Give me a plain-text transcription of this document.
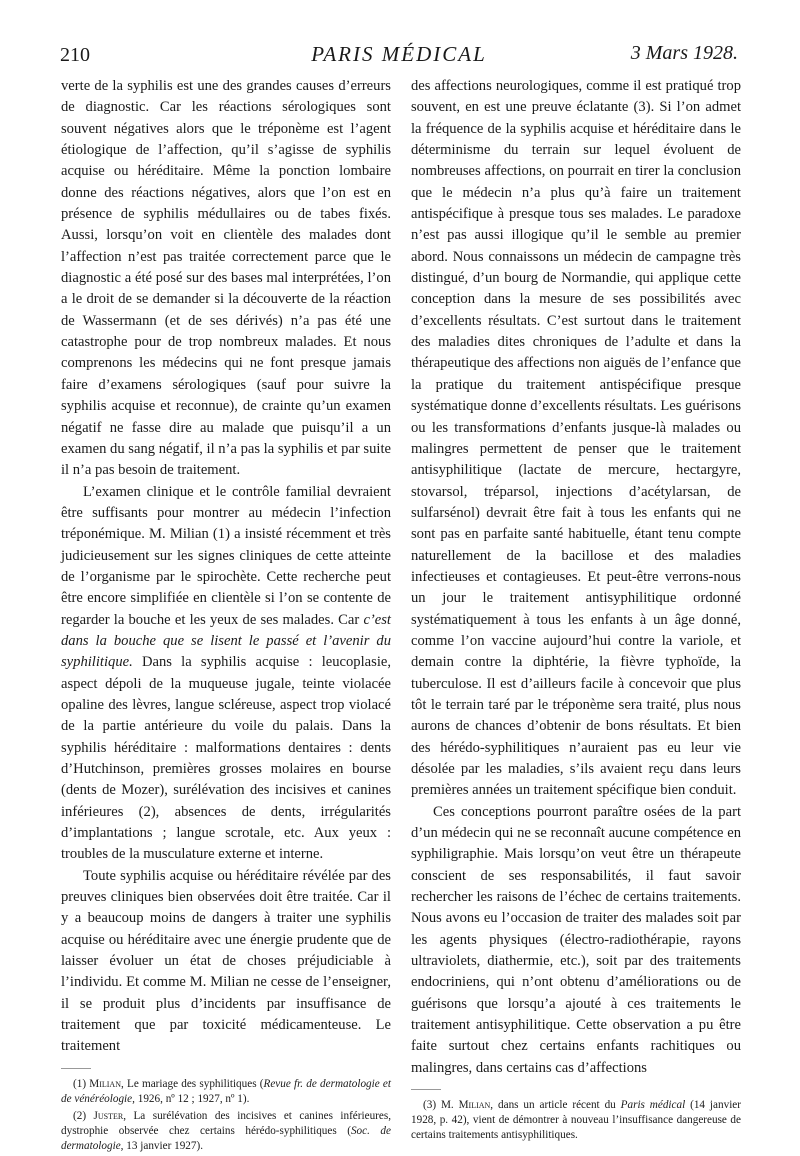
210	PARIS MÉDICAL	3 Mars 1928.

verte de la syphilis est une des grandes causes d’erreurs de diagnostic. Car les réactions sérologiques sont souvent négatives alors que le tréponème est l’agent étiologique de l’affection, qu’il s’agisse de syphilis acquise ou héréditaire. Même la ponction lombaire donne des réactions négatives, alors que l’on est en présence de syphilis médullaires ou de tabes fixés. Aussi, lorsqu’on voit en clientèle des malades dont l’affection n’est pas traitée correctement parce que le diagnostic a été posé sur des bases mal interprétées, l’on a le droit de se demander si la découverte de la réaction de Wassermann (et de ses dérivés) n’a pas été une catastrophe pour de trop nombreux malades. Et nous comprenons les médecins qui ne font presque jamais faire d’examens sérologiques (sauf pour suivre la syphilis acquise et reconnue), de crainte qu’un examen négatif ne fasse dire au malade que puisqu’il a un examen du sang négatif, il n’a pas la syphilis et par suite il n’a pas besoin de traitement.

L’examen clinique et le contrôle familial devraient être suffisants pour montrer au médecin l’infection tréponémique. M. Milian (1) a insisté récemment et très judicieusement sur les signes cliniques de cette atteinte de l’organisme par le spirochète. Cette recherche peut être encore simplifiée en clientèle si l’on se contente de regarder la bouche et les yeux de ses malades. Car c’est dans la bouche que se lisent le passé et l’avenir du syphilitique. Dans la syphilis acquise : leucoplasie, aspect dépoli de la muqueuse jugale, teinte violacée opaline des lèvres, langue scléreuse, aspect trop violacé de la partie antérieure du voile du palais. Dans la syphilis héréditaire : malformations dentaires : dents d’Hutchinson, premières grosses molaires en bourse (dents de Mozer), surélévation des incisives et canines inférieures (2), absences de dents, irrégularités d’implantations ; langue scrotale, etc. Aux yeux : troubles de la musculature externe et interne.

Toute syphilis acquise ou héréditaire révélée par des preuves cliniques bien observées doit être traitée. Car il y a beaucoup moins de dangers à traiter une syphilis acquise ou héréditaire avec une énergie prudente que de laisser évoluer un état de choses préjudiciable à l’individu. Et comme M. Milian ne cesse de l’enseigner, il se produit plus d’incidents par insuffisance de traitement que par toxicité médicamenteuse. Le traitement

(1) Milian, Le mariage des syphilitiques (Revue fr. de dermatologie et de vénéréologie, 1926, nº 12 ; 1927, nº 1).

(2) Juster, La surélévation des incisives et canines inférieures, dystrophie observée chez certains hérédo-syphilitiques (Soc. de dermatologie, 13 janvier 1927).

des affections neurologiques, comme il est pratiqué trop souvent, en est une preuve éclatante (3). Si l’on admet la fréquence de la syphilis acquise et héréditaire dans le déterminisme du terrain sur lequel évoluent de nombreuses affections, on pourrait en tirer la conclusion que le médecin n’a plus qu’à faire un traitement antispécifique à presque tous ses malades. Le paradoxe n’est pas aussi illogique qu’il le semble au premier abord. Nous connaissons un médecin de campagne très distingué, d’un bourg de Normandie, qui applique cette conception dans la mesure de ses possibilités avec d’excellents résultats. C’est surtout dans le traitement des maladies dites chroniques de l’adulte et dans la thérapeutique des affections non aiguës de l’enfance que la pratique du traitement antispécifique presque systématique donne d’excellents résultats. Les guérisons ou les transformations d’enfants jusque-là malades ou malingres permettent de penser que le traitement antisyphilitique (lactate de mercure, hectargyre, stovarsol, tréparsol, injections d’acétylarsan, de sulfarsénol) devrait être fait à tous les enfants qui ne sont pas en parfaite santé habituelle, étant tenu compte naturellement de la bacillose et des maladies infectieuses et contagieuses. Et peut-être verrons-nous un jour le traitement antisyphilitique ordonné systématiquement à tous les enfants à un âge donné, comme l’on vaccine aujourd’hui contre la variole, et demain contre la diphtérie, la fièvre typhoïde, la tuberculose. Il est d’ailleurs facile à concevoir que plus tôt le terrain taré par le tréponème sera traité, plus nous aurons de chances d’obtenir de bons résultats. Et bien des hérédo-syphilitiques n’auraient pas eu leur vie désolée par les maladies, s’ils avaient reçu dans leurs premières années un traitement spécifique bien conduit.

Ces conceptions pourront paraître osées de la part d’un médecin qui ne se reconnaît aucune compétence en syphiligraphie. Mais lorsqu’on veut être un thérapeute conscient de ses responsabilités, il faut savoir rechercher les raisons de l’échec de certains traitements. Nous avons eu l’occasion de traiter des malades soit par les agents physiques (électro-radiothérapie, rayons ultraviolets, diathermie, etc.), soit par des traitements endocriniens, qui n’ont obtenu d’améliorations ou de guérisons que lorsqu’a ajouté à ces traitements le traitement antisyphilitique. Cette observation a pu être faite surtout chez certains enfants rachitiques ou malingres, dans certains cas d’affections

(3) M. Milian, dans un article récent du Paris médical (14 janvier 1928, p. 42), vient de démontrer à nouveau l’insuffisance dangereuse de certains traitements antisyphilitiques.
